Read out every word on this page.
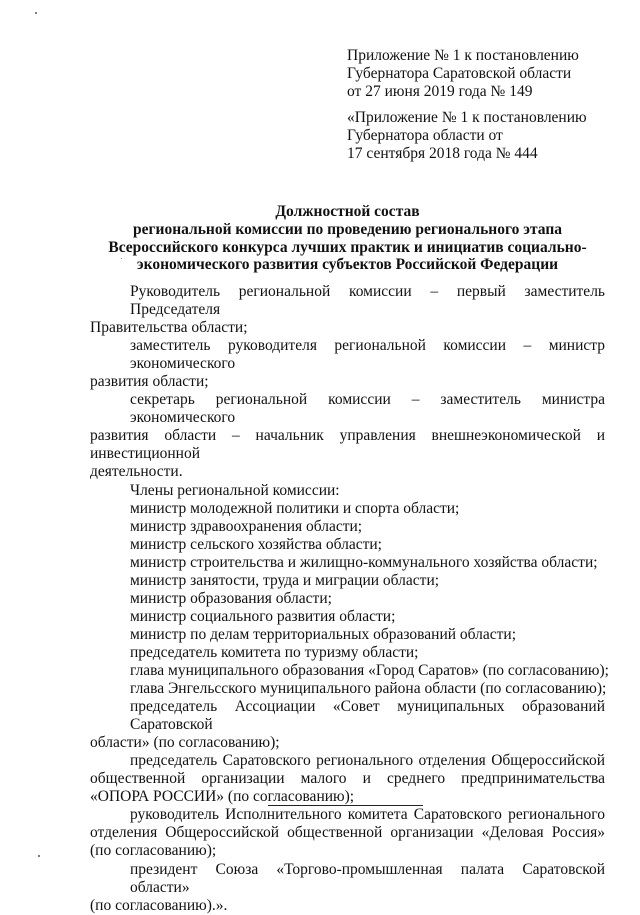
Приложение № 1 к постановлению
Губернатора Саратовской области
от 27 июня 2019 года № 149
«Приложение № 1 к постановлению
Губернатора области от
17 сентября 2018 года № 444
Должностной состав
региональной комиссии по проведению регионального этапа
Всероссийского конкурса лучших практик и инициатив социально-
экономического развития субъектов Российской Федерации
Руководитель региональной комиссии – первый заместитель Председателя
Правительства области;
заместитель руководителя региональной комиссии – министр экономического
развития области;
секретарь региональной комиссии – заместитель министра экономического
развития области – начальник управления внешнеэкономической и инвестиционной
деятельности.
Члены региональной комиссии:
министр молодежной политики и спорта области;
министр здравоохранения области;
министр сельского хозяйства области;
министр строительства и жилищно-коммунального хозяйства области;
министр занятости, труда и миграции области;
министр образования области;
министр социального развития области;
министр по делам территориальных образований области;
председатель комитета по туризму области;
глава муниципального образования «Город Саратов» (по согласованию);
глава Энгельсского муниципального района области (по согласованию);
председатель Ассоциации «Совет муниципальных образований Саратовской
области» (по согласованию);
председатель Саратовского регионального отделения Общероссийской
общественной организации малого и среднего предпринимательства
«ОПОРА РОССИИ» (по согласованию);
руководитель Исполнительного комитета Саратовского регионального
отделения Общероссийской общественной организации «Деловая Россия»
(по согласованию);
президент Союза «Торгово-промышленная палата Саратовской области»
(по согласованию).».
